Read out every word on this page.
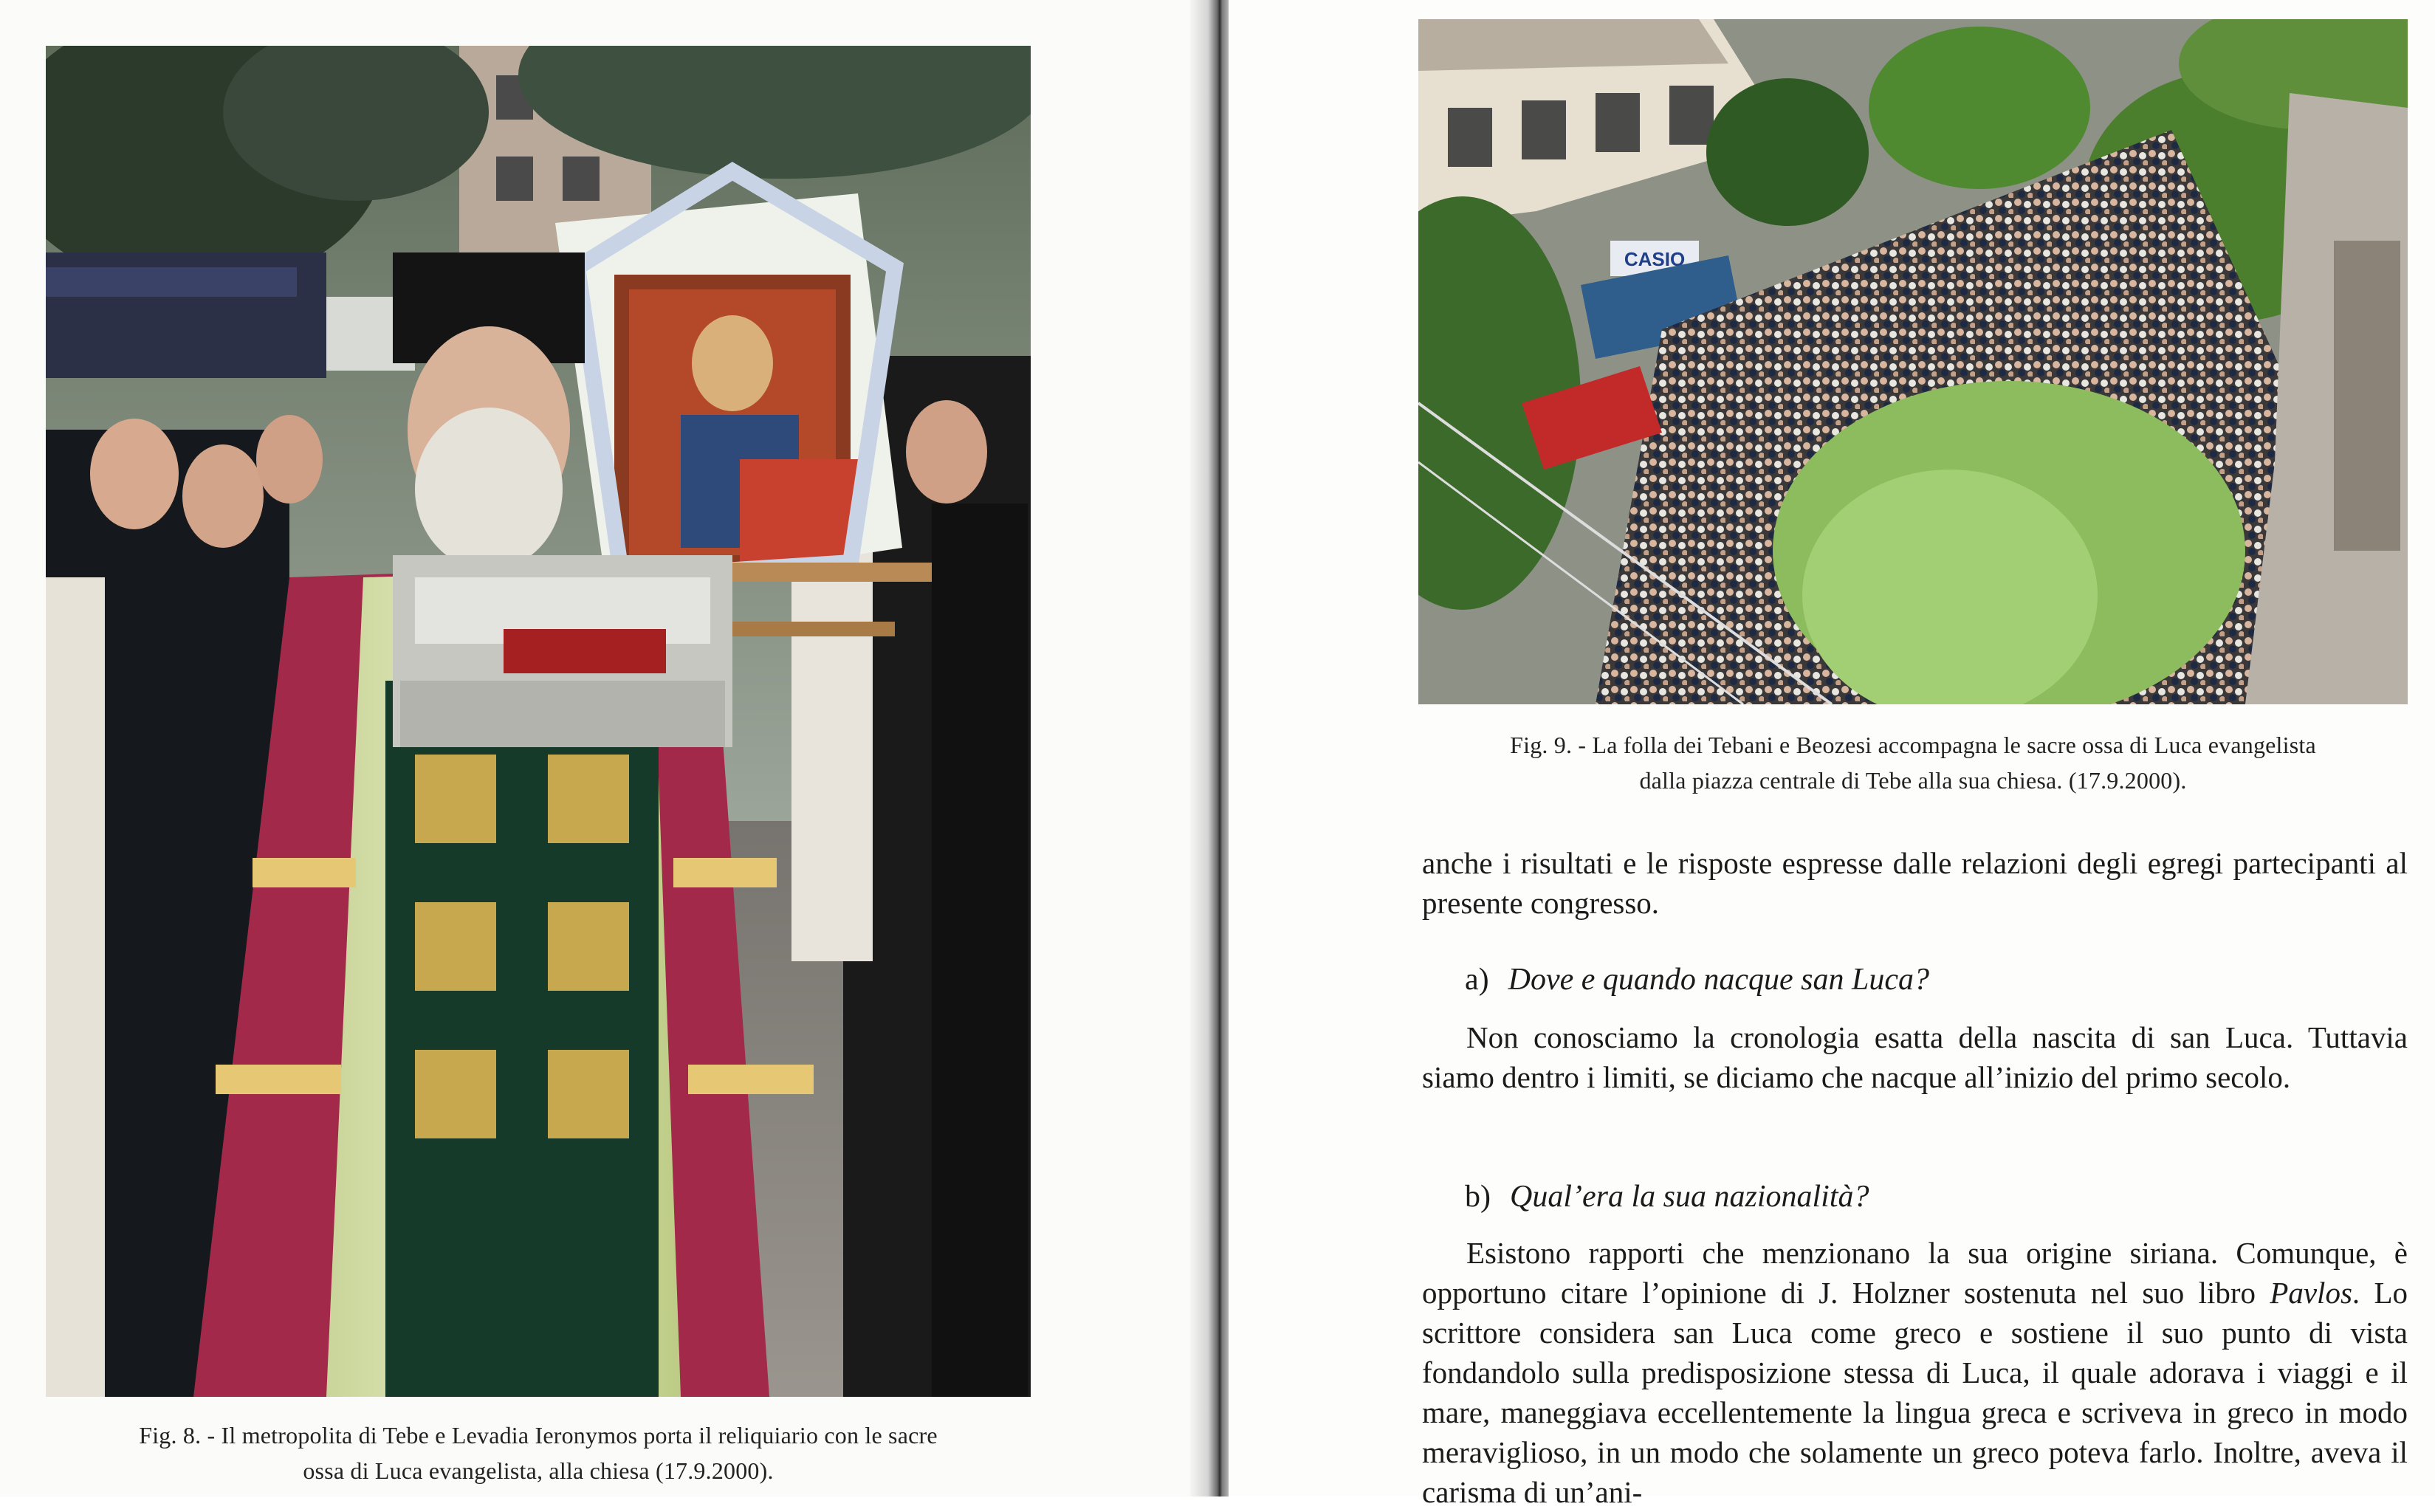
Fig. 8. - Il metropolita di Tebe e Levadia Ieronymos porta il reliquiario con le sacre
ossa di Luca evangelista, alla chiesa (17.9.2000).
CASIO
Fig. 9. - La folla dei Tebani e Beozesi accompagna le sacre ossa di Luca evangelista
dalla piazza centrale di Tebe alla sua chiesa. (17.9.2000).

anche i risultati e le risposte espresse dalle relazioni degli egregi partecipanti al presente congresso.

a) Dove e quando nacque san Luca?

Non conosciamo la cronologia esatta della nascita di san Luca. Tuttavia siamo dentro i limiti, se diciamo che nacque all’inizio del primo secolo.

b) Qual’era la sua nazionalità?

Esistono rapporti che menzionano la sua origine siriana. Comunque, è opportuno citare l’opinione di J. Holzner sostenuta nel suo libro Pavlos. Lo scrittore considera san Luca come greco e sostiene il suo punto di vista fondandolo sulla predisposizione stessa di Luca, il quale adorava i viaggi e il mare, maneggiava eccellentemente la lingua greca e scriveva in greco in modo meraviglioso, in un modo che solamente un greco poteva farlo. Inoltre, aveva il carisma di un’ani-
